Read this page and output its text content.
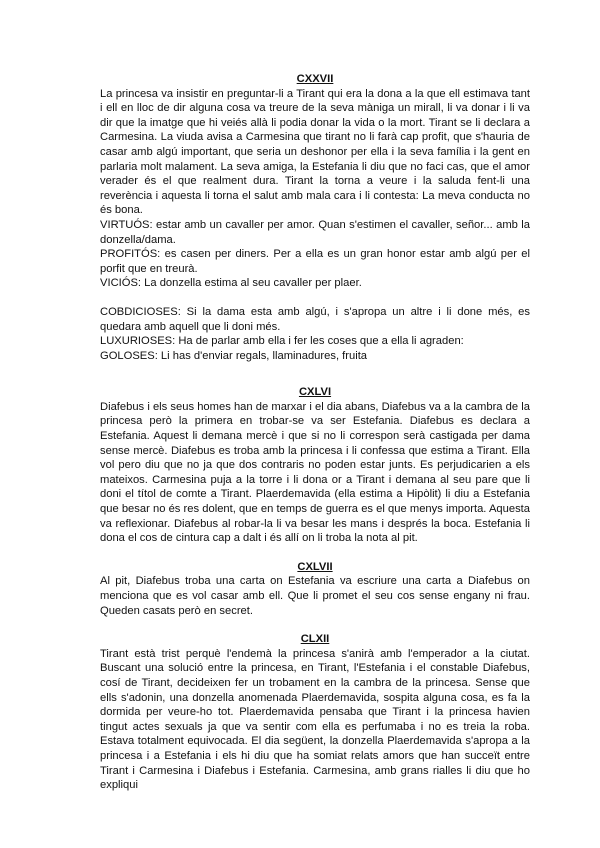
CXXVII

La princesa va insistir en preguntar-li a Tirant qui era la dona a la que ell estimava tant i ell en lloc de dir alguna cosa va treure de la seva màniga un mirall, li va donar i li va dir que la imatge que hi veiés allà li podia donar la vida o la mort. Tirant se li declara a Carmesina. La viuda avisa a Carmesina que tirant no li farà cap profit, que s'hauria de casar amb algú important, que seria un deshonor per ella i la seva família i la gent en parlaria molt malament. La seva amiga, la Estefania li diu que no faci cas, que el amor verader és el que realment dura. Tirant la torna a veure i la saluda fent-li una reverència i aquesta li torna el salut amb mala cara i li contesta: La meva conducta no és bona.

VIRTUÓS: estar amb un cavaller per amor. Quan s'estimen el cavaller, señor... amb la donzella/dama.

PROFITÓS: es casen per diners. Per a ella es un gran honor estar amb algú per el porfit que en treurà.

VICIÓS: La donzella estima al seu cavaller per plaer.

COBDICIOSES: Si la dama esta amb algú, i s'apropa un altre i li done més, es quedara amb aquell que li doni més.

LUXURIOSES: Ha de parlar amb ella i fer les coses que a ella li agraden:

GOLOSES: Li has d'enviar regals, llaminadures, fruita

CXLVI

Diafebus i els seus homes han de marxar i el dia abans, Diafebus va a la cambra de la princesa però la primera en trobar-se va ser Estefania. Diafebus es declara a Estefania. Aquest li demana mercè i que si no li correspon serà castigada per dama sense mercè. Diafebus es troba amb la princesa i li confessa que estima a Tirant. Ella vol pero diu que no ja que dos contraris no poden estar junts. Es perjudicarien a els mateixos. Carmesina puja a la torre i li dona or a Tirant i demana al seu pare que li doni el títol de comte a Tirant. Plaerdemavida (ella estima a Hipòlit) li diu a Estefania que besar no és res dolent, que en temps de guerra es el que menys importa. Aquesta va reflexionar. Diafebus al robar-la li va besar les mans i després la boca. Estefania li dona el cos de cintura cap a dalt i és allí on li troba la nota al pit.

CXLVII

Al pit, Diafebus troba una carta on Estefania va escriure una carta a Diafebus on menciona que es vol casar amb ell. Que li promet el seu cos sense engany ni frau. Queden casats però en secret.

CLXII

Tirant està trist perquè l'endemà la princesa s'anirà amb l'emperador a la ciutat. Buscant una solució entre la princesa, en Tirant, l'Estefania i el constable Diafebus, cosí de Tirant, decideixen fer un trobament en la cambra de la princesa. Sense que ells s'adonin, una donzella anomenada Plaerdemavida, sospita alguna cosa, es fa la dormida per veure-ho tot. Plaerdemavida pensaba que Tirant i la princesa havien tingut actes sexuals ja que va sentir com ella es perfumaba i no es treia la roba. Estava totalment equivocada. El dia següent, la donzella Plaerdemavida s'apropa a la princesa i a Estefania i els hi diu que ha somiat relats amors que han succeït entre Tirant i Carmesina i Diafebus i Estefania. Carmesina, amb grans rialles li diu que ho expliqui
